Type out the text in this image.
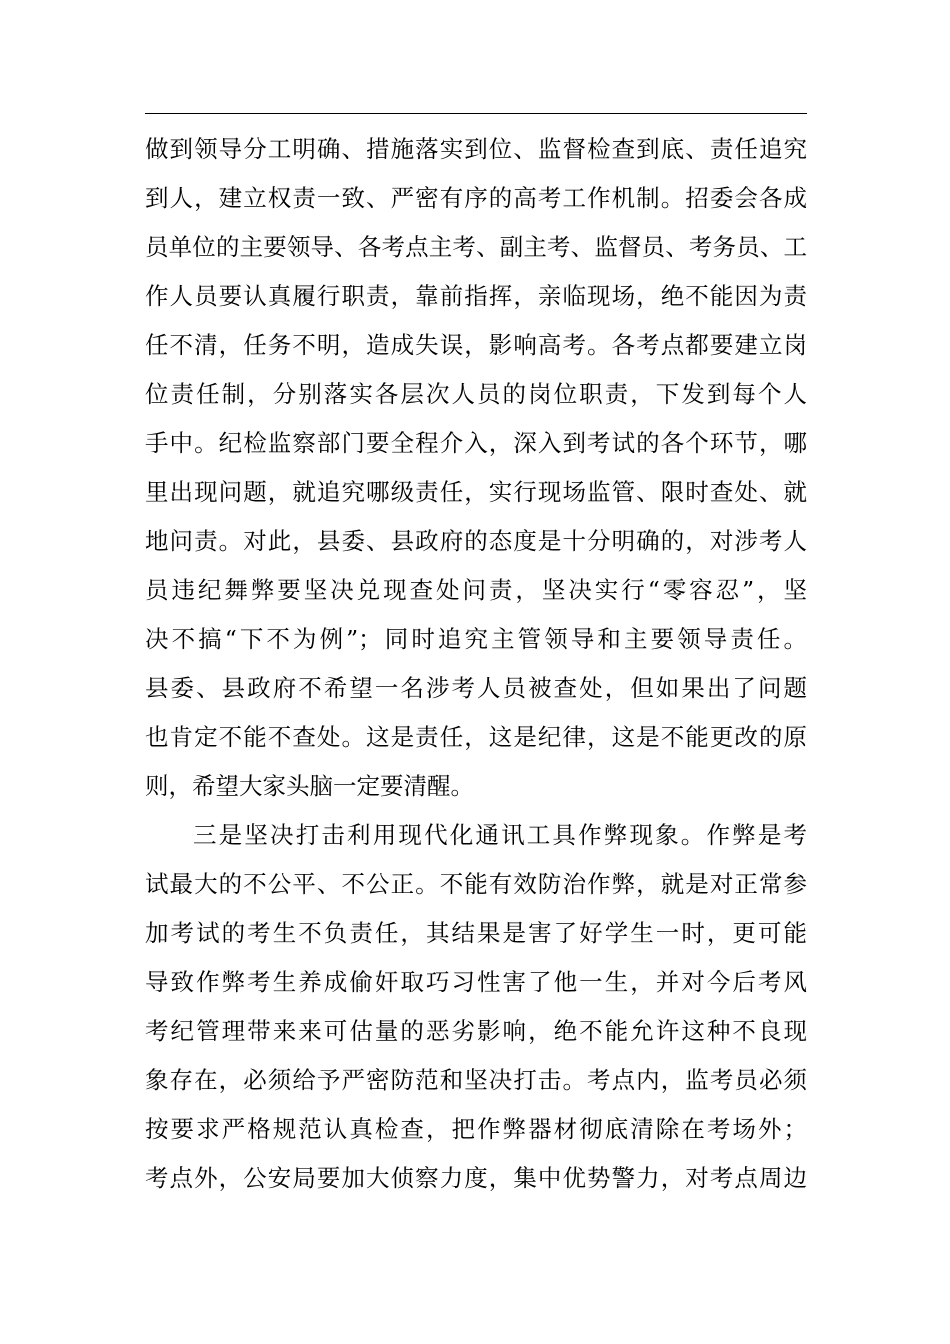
做到领导分工明确、措施落实到位、监督检查到底、责任追究
到人，建立权责一致、严密有序的高考工作机制。招委会各成
员单位的主要领导、各考点主考、副主考、监督员、考务员、工
作人员要认真履行职责，靠前指挥，亲临现场，绝不能因为责
任不清，任务不明，造成失误，影响高考。各考点都要建立岗
位责任制，分别落实各层次人员的岗位职责，下发到每个人
手中。纪检监察部门要全程介入，深入到考试的各个环节，哪
里出现问题，就追究哪级责任，实行现场监管、限时查处、就
地问责。对此，县委、县政府的态度是十分明确的，对涉考人
员违纪舞弊要坚决兑现查处问责，坚决实行“零容忍”，坚
决不搞“下不为例”；同时追究主管领导和主要领导责任。
县委、县政府不希望一名涉考人员被查处，但如果出了问题
也肯定不能不查处。这是责任，这是纪律，这是不能更改的原
则，希望大家头脑一定要清醒。
三是坚决打击利用现代化通讯工具作弊现象。作弊是考
试最大的不公平、不公正。不能有效防治作弊，就是对正常参
加考试的考生不负责任，其结果是害了好学生一时，更可能
导致作弊考生养成偷奸取巧习性害了他一生，并对今后考风
考纪管理带来来可估量的恶劣影响，绝不能允许这种不良现
象存在，必须给予严密防范和坚决打击。考点内，监考员必须
按要求严格规范认真检查，把作弊器材彻底清除在考场外；
考点外，公安局要加大侦察力度，集中优势警力，对考点周边
